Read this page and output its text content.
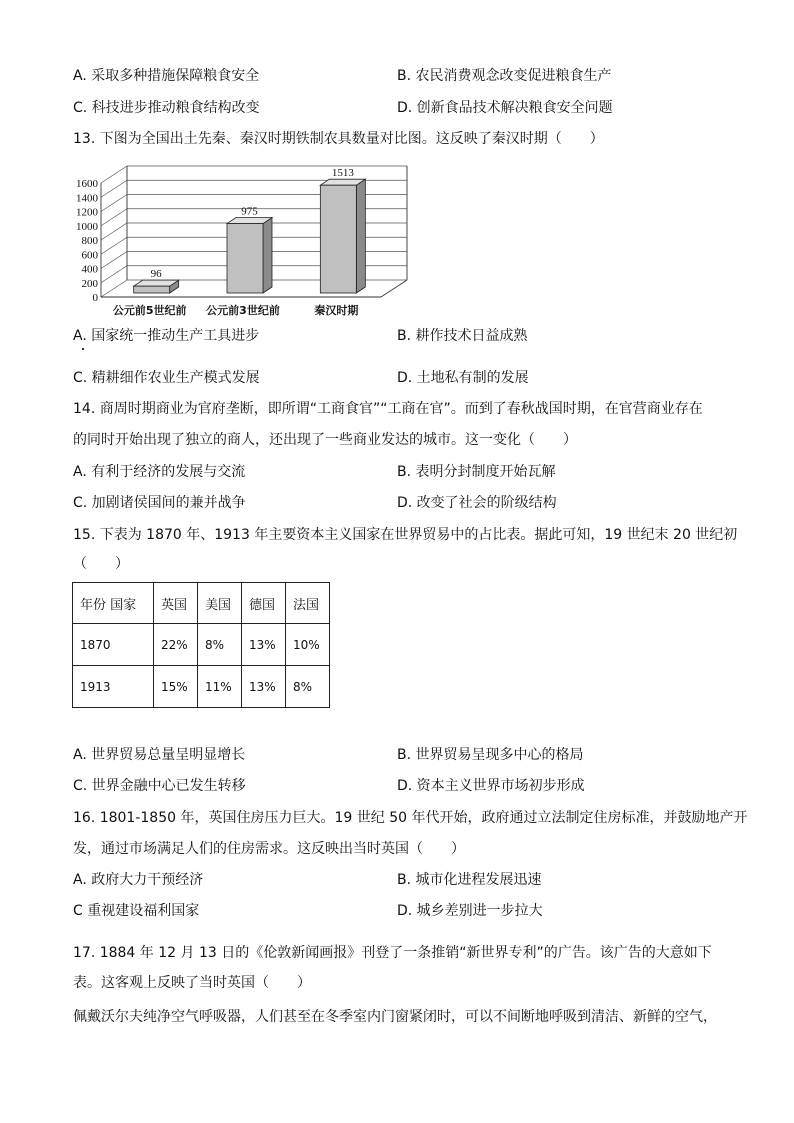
A. 采取多种措施保障粮食安全	B. 农民消费观念改变促进粮食生产
C. 科技进步推动粮食结构改变	D. 创新食品技术解决粮食安全问题
13. 下图为全国出土先秦、秦汉时期铁制农具数量对比图。这反映了秦汉时期（　　）
0
200
400
600
800
1000
1200
1400
1600
96
975
1513
公元前5世纪前 公元前3世纪前	秦汉时期
A. 国家统一推动生产工具进步	B. 耕作技术日益成熟
C. 精耕细作农业生产模式发展	D. 土地私有制的发展
14. 商周时期商业为官府垄断，即所谓“工商食官”“工商在官”。而到了春秋战国时期，在官营商业存在
的同时开始出现了独立的商人，还出现了一些商业发达的城市。这一变化（　　）
A. 有利于经济的发展与交流	B. 表明分封制度开始瓦解
C. 加剧诸侯国间的兼并战争	D. 改变了社会的阶级结构
15. 下表为 1870 年、1913 年主要资本主义国家在世界贸易中的占比表。据此可知，19 世纪末 20 世纪初
（　　）
年份 国家	英国	美国	德国	法国
1870	22%	8%	13%	10%
1913	15%	11%	13%	8%
A. 世界贸易总量呈明显增长	B. 世界贸易呈现多中心的格局
C. 世界金融中心已发生转移	D. 资本主义世界市场初步形成
16. 1801-1850 年，英国住房压力巨大。19 世纪 50 年代开始，政府通过立法制定住房标准，并鼓励地产开
发，通过市场满足人们的住房需求。这反映出当时英国（　　）
A. 政府大力干预经济	B. 城市化进程发展迅速
C 重视建设福利国家	D. 城乡差别进一步拉大
17. 1884 年 12 月 13 日的《伦敦新闻画报》刊登了一条推销“新世界专利”的广告。该广告的大意如下
表。这客观上反映了当时英国（　　）
佩戴沃尔夫纯净空气呼吸器，人们甚至在冬季室内门窗紧闭时，可以不间断地呼吸到清洁、新鲜的空气，
